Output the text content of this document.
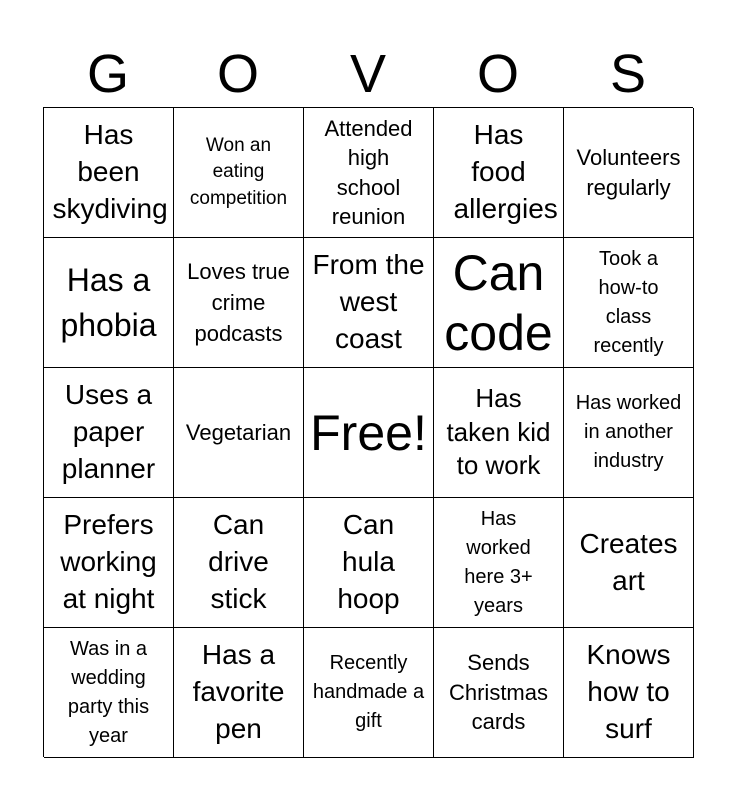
G	O	V	O	S
Has been skydiving
Won an eating competition
Attended high school reunion
Has food allergies
Volunteers regularly
Has a phobia
Loves true crime podcasts
From the west coast
Can code
Took a how-to class recently
Uses a paper planner
Vegetarian Free!
Has taken kid to work
Has worked in another industry
Prefers working at night
Can drive stick
Can hula hoop
Has worked here 3+ years
Creates art
Was in a wedding party this year
Has a favorite pen
Recently handmade a gift
Sends Christmas cards
Knows how to surf
